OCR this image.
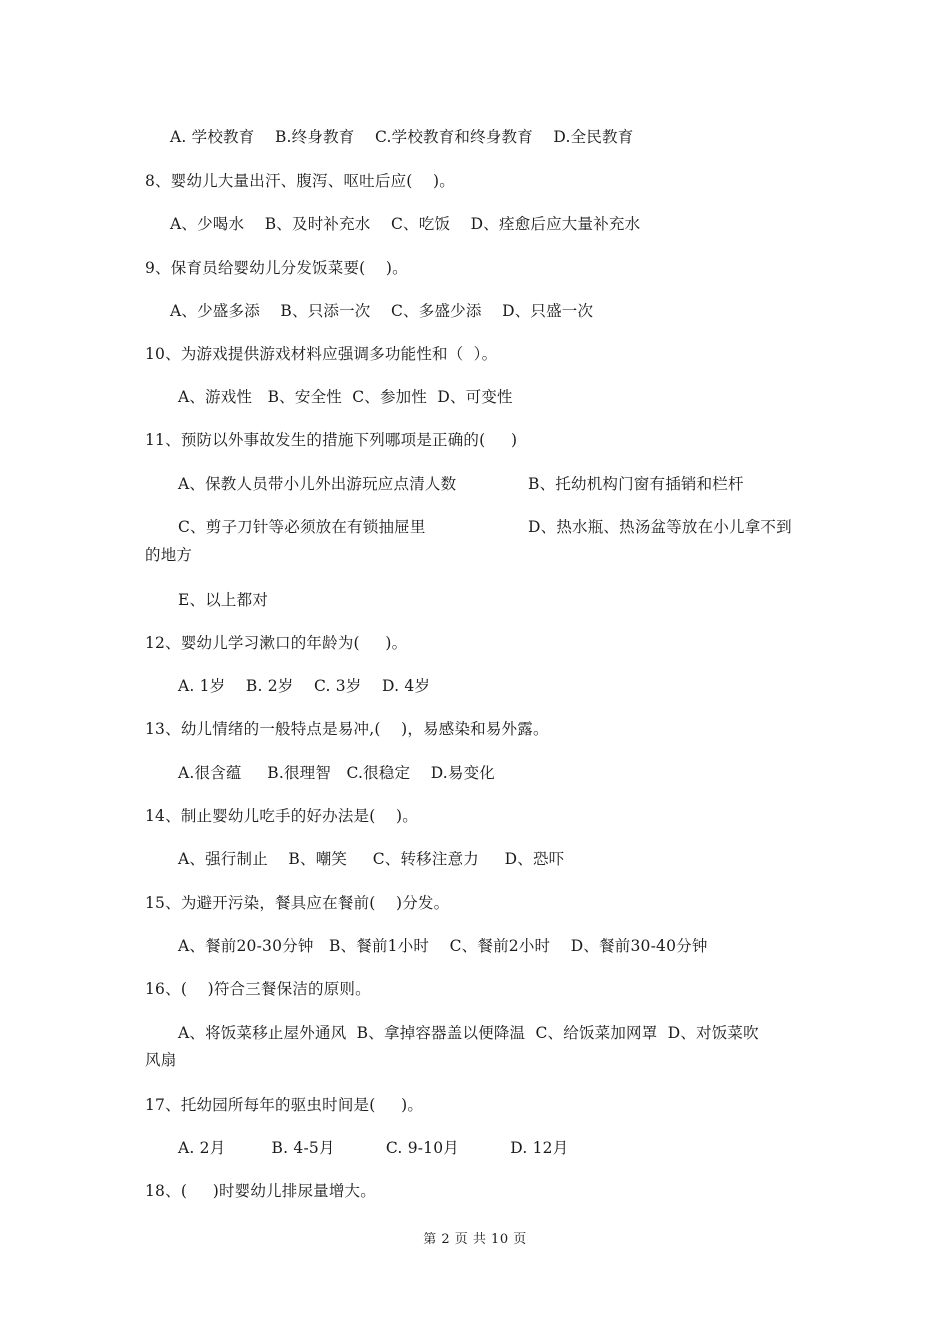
A. 学校教育    B.终身教育    C.学校教育和终身教育    D.全民教育
8、婴幼儿大量出汗、腹泻、呕吐后应(    )。
A、少喝水    B、及时补充水    C、吃饭    D、痊愈后应大量补充水
9、保育员给婴幼儿分发饭菜要(    )。
A、少盛多添    B、只添一次    C、多盛少添    D、只盛一次
10、为游戏提供游戏材料应强调多功能性和（  ）。
A、游戏性   B、安全性  C、参加性  D、可变性
11、预防以外事故发生的措施下列哪项是正确的(     )
A、保教人员带小儿外出游玩应点清人数	B、托幼机构门窗有插销和栏杆
C、剪子刀针等必须放在有锁抽屉里	D、热水瓶、热汤盆等放在小儿拿不到
的地方
E、以上都对
12、婴幼儿学习漱口的年龄为(     )。
A. 1岁    B. 2岁    C. 3岁    D. 4岁
13、幼儿情绪的一般特点是易冲,(    )，易感染和易外露。
A.很含蕴     B.很理智   C.很稳定    D.易变化
14、制止婴幼儿吃手的好办法是(    )。
A、强行制止    B、嘲笑     C、转移注意力     D、恐吓
15、为避开污染，餐具应在餐前(    )分发。
A、餐前20-30分钟   B、餐前1小时    C、餐前2小时    D、餐前30-40分钟
16、(    )符合三餐保洁的原则。
A、将饭菜移止屋外通风  B、拿掉容器盖以便降温  C、给饭菜加网罩  D、对饭菜吹
风扇
17、托幼园所每年的驱虫时间是(     )。
A. 2月         B. 4-5月          C. 9-10月          D. 12月
18、(     )时婴幼儿排尿量增大。
第 2 页 共 10 页
